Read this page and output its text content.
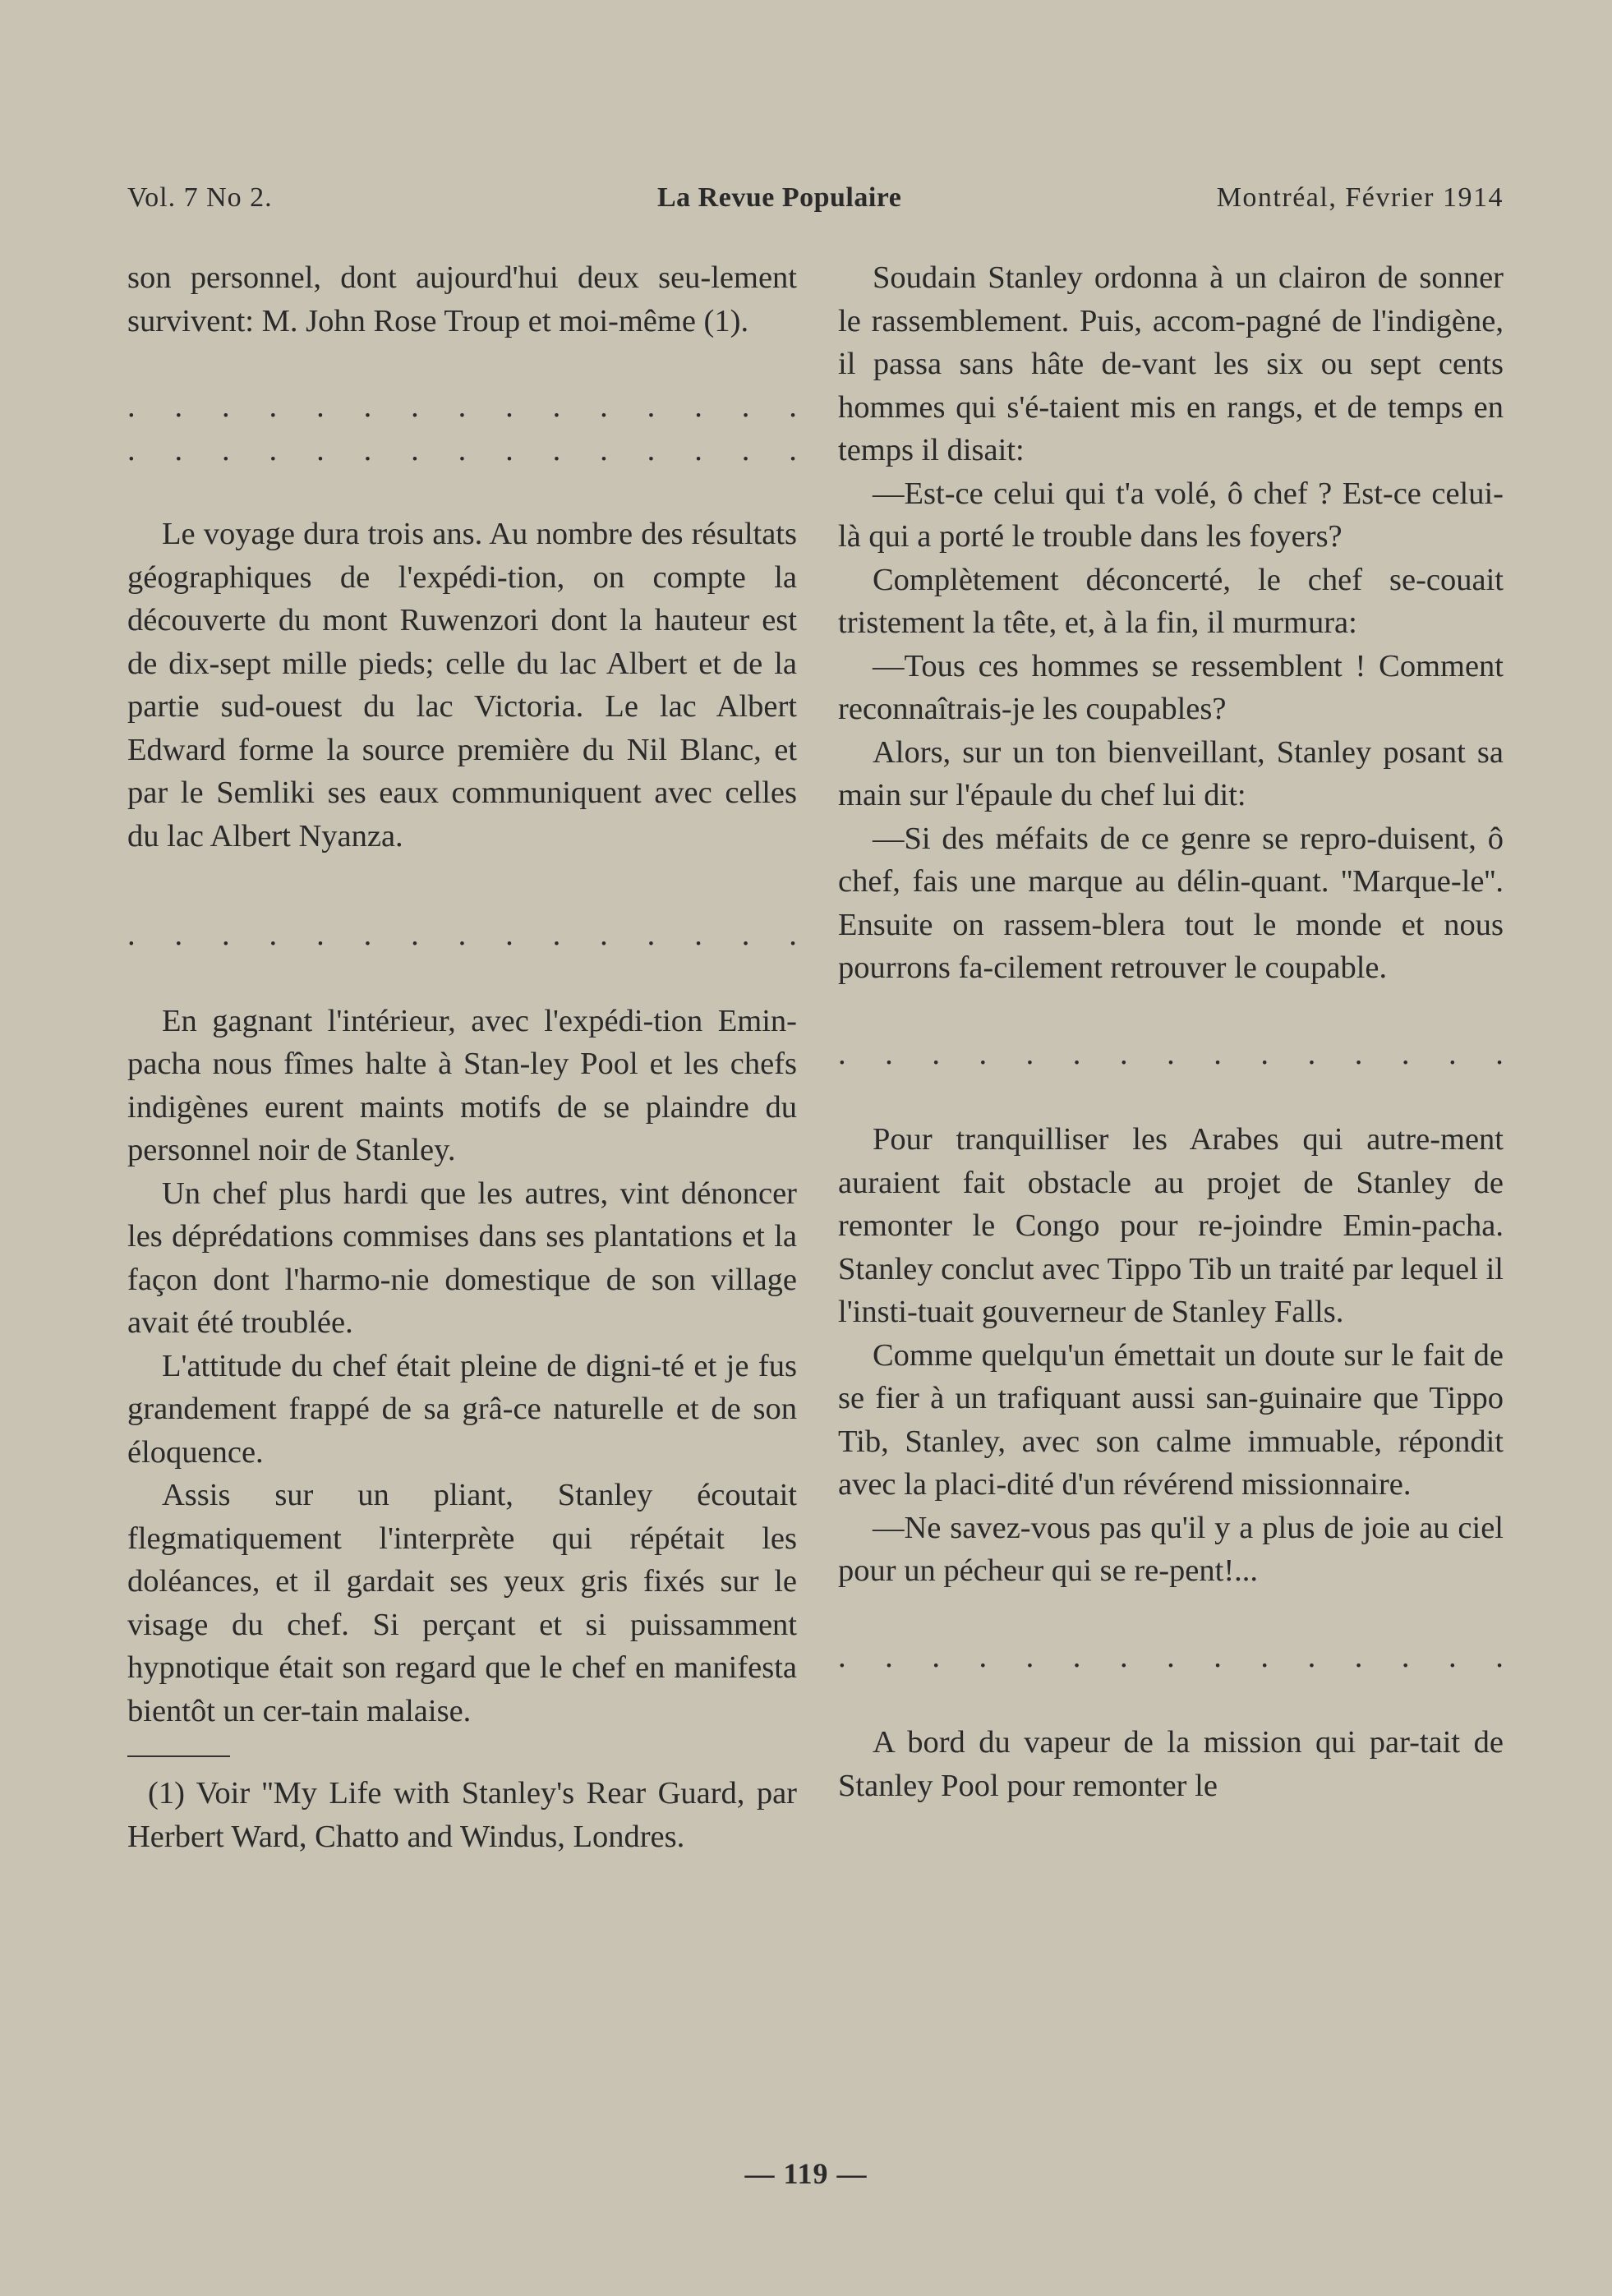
Vol. 7 No 2.	La Revue Populaire	Montréal, Février 1914

son personnel, dont aujourd'hui deux seu-lement survivent: M. John Rose Troup et moi-même (1).

. . . . . . . . . . . . . . .

. . . . . . . . . . . . . . .

Le voyage dura trois ans. Au nombre des résultats géographiques de l'expédi-tion, on compte la découverte du mont Ruwenzori dont la hauteur est de dix-sept mille pieds; celle du lac Albert et de la partie sud-ouest du lac Victoria. Le lac Albert Edward forme la source première du Nil Blanc, et par le Semliki ses eaux communiquent avec celles du lac Albert Nyanza.

. . . . . . . . . . . . . . .

En gagnant l'intérieur, avec l'expédi-tion Emin-pacha nous fîmes halte à Stan-ley Pool et les chefs indigènes eurent maints motifs de se plaindre du personnel noir de Stanley.

Un chef plus hardi que les autres, vint dénoncer les déprédations commises dans ses plantations et la façon dont l'harmo-nie domestique de son village avait été troublée.

L'attitude du chef était pleine de digni-té et je fus grandement frappé de sa grâ-ce naturelle et de son éloquence.

Assis sur un pliant, Stanley écoutait flegmatiquement l'interprète qui répétait les doléances, et il gardait ses yeux gris fixés sur le visage du chef. Si perçant et si puissamment hypnotique était son regard que le chef en manifesta bientôt un cer-tain malaise.

(1) Voir ''My Life with Stanley's Rear Guard, par Herbert Ward, Chatto and Windus, Londres.

Soudain Stanley ordonna à un clairon de sonner le rassemblement. Puis, accom-pagné de l'indigène, il passa sans hâte de-vant les six ou sept cents hommes qui s'é-taient mis en rangs, et de temps en temps il disait:

—Est-ce celui qui t'a volé, ô chef ? Est-ce celui-là qui a porté le trouble dans les foyers?

Complètement déconcerté, le chef se-couait tristement la tête, et, à la fin, il murmura:

—Tous ces hommes se ressemblent ! Comment reconnaîtrais-je les coupables?

Alors, sur un ton bienveillant, Stanley posant sa main sur l'épaule du chef lui dit:

—Si des méfaits de ce genre se repro-duisent, ô chef, fais une marque au délin-quant. ''Marque-le''. Ensuite on rassem-blera tout le monde et nous pourrons fa-cilement retrouver le coupable.

. . . . . . . . . . . . . . .

Pour tranquilliser les Arabes qui autre-ment auraient fait obstacle au projet de Stanley de remonter le Congo pour re-joindre Emin-pacha. Stanley conclut avec Tippo Tib un traité par lequel il l'insti-tuait gouverneur de Stanley Falls.

Comme quelqu'un émettait un doute sur le fait de se fier à un trafiquant aussi san-guinaire que Tippo Tib, Stanley, avec son calme immuable, répondit avec la placi-dité d'un révérend missionnaire.

—Ne savez-vous pas qu'il y a plus de joie au ciel pour un pécheur qui se re-pent!...

. . . . . . . . . . . . . . .

A bord du vapeur de la mission qui par-tait de Stanley Pool pour remonter le

— 119 —
